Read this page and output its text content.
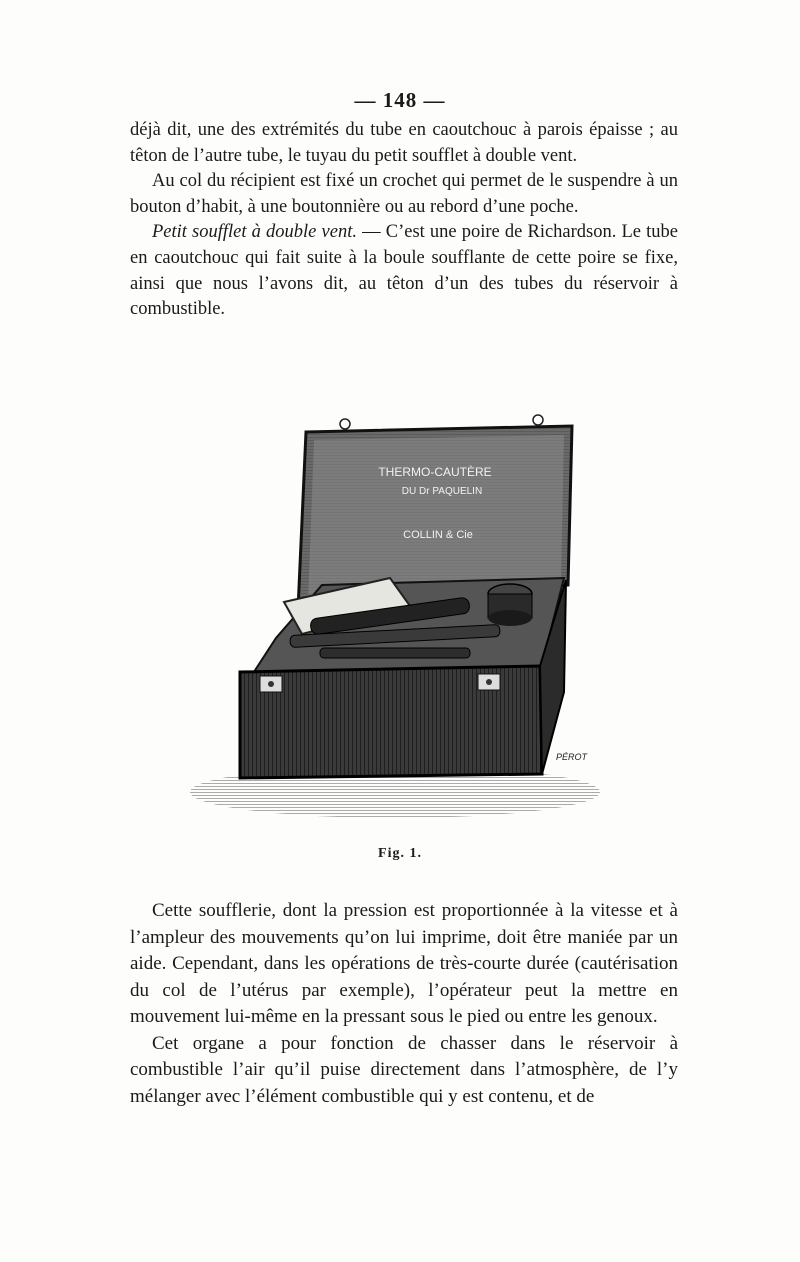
— 148 —

déjà dit, une des extrémités du tube en caoutchouc à parois épaisse ; au têton de l’autre tube, le tuyau du petit soufflet à double vent.

Au col du récipient est fixé un crochet qui permet de le suspendre à un bouton d’habit, à une boutonnière ou au rebord d’une poche.

Petit soufflet à double vent. — C’est une poire de Richardson. Le tube en caoutchouc qui fait suite à la boule soufflante de cette poire se fixe, ainsi que nous l’avons dit, au têton d’un des tubes du réservoir à combustible.

THERMO-CAUTÈRE
DU Dr PAQUELIN
COLLIN & Cie
PÉROT
Fig. 1.

Cette soufflerie, dont la pression est proportionnée à la vitesse et à l’ampleur des mouvements qu’on lui imprime, doit être maniée par un aide. Cependant, dans les opérations de très-courte durée (cautérisation du col de l’utérus par exemple), l’opérateur peut la mettre en mouvement lui-même en la pressant sous le pied ou entre les genoux.

Cet organe a pour fonction de chasser dans le réservoir à combustible l’air qu’il puise directement dans l’atmosphère, de l’y mélanger avec l’élément combustible qui y est contenu, et de
